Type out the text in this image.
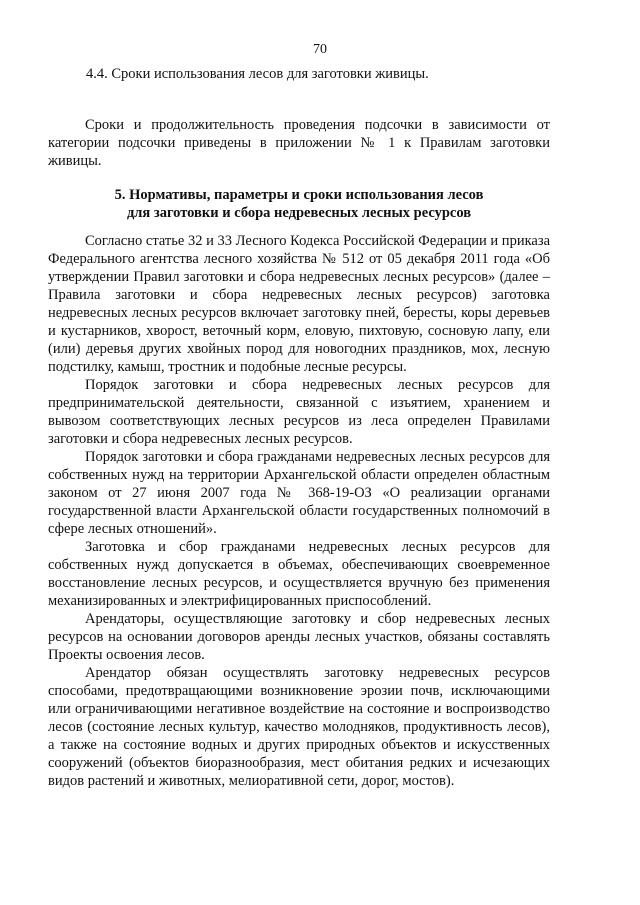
70
4.4. Сроки использования лесов для заготовки живицы.

Сроки и продолжительность проведения подсочки в зависимости от категории подсочки приведены в приложении № 1 к Правилам заготовки живицы.

5. Нормативы, параметры и сроки использования лесов
для заготовки и сбора недревесных лесных ресурсов

Согласно статье 32 и 33 Лесного Кодекса Российской Федерации и приказа Федерального агентства лесного хозяйства № 512 от 05 декабря 2011 года «Об утверждении Правил заготовки и сбора недревесных лесных ресурсов» (далее – Правила заготовки и сбора недревесных лесных ресурсов) заготовка недревесных лесных ресурсов включает заготовку пней, бересты, коры деревьев и кустарников, хворост, веточный корм, еловую, пихтовую, сосновую лапу, ели (или) деревья других хвойных пород для новогодних праздников, мох, лесную подстилку, камыш, тростник и подобные лесные ресурсы.

Порядок заготовки и сбора недревесных лесных ресурсов для предпринимательской деятельности, связанной с изъятием, хранением и вывозом соответствующих лесных ресурсов из леса определен Правилами заготовки и сбора недревесных лесных ресурсов.

Порядок заготовки и сбора гражданами недревесных лесных ресурсов для собственных нужд на территории Архангельской области определен областным законом от 27 июня 2007 года № 368-19-ОЗ «О реализации органами государственной власти Архангельской области государственных полномочий в сфере лесных отношений».

Заготовка и сбор гражданами недревесных лесных ресурсов для собственных нужд допускается в объемах, обеспечивающих своевременное восстановление лесных ресурсов, и осуществляется вручную без применения механизированных и электрифицированных приспособлений.

Арендаторы, осуществляющие заготовку и сбор недревесных лесных ресурсов на основании договоров аренды лесных участков, обязаны составлять Проекты освоения лесов.

Арендатор обязан осуществлять заготовку недревесных ресурсов способами, предотвращающими возникновение эрозии почв, исключающими или ограничивающими негативное воздействие на состояние и воспроизводство лесов (состояние лесных культур, качество молодняков, продуктивность лесов), а также на состояние водных и других природных объектов и искусственных сооружений (объектов биоразнообразия, мест обитания редких и исчезающих видов растений и животных, мелиоративной сети, дорог, мостов).
